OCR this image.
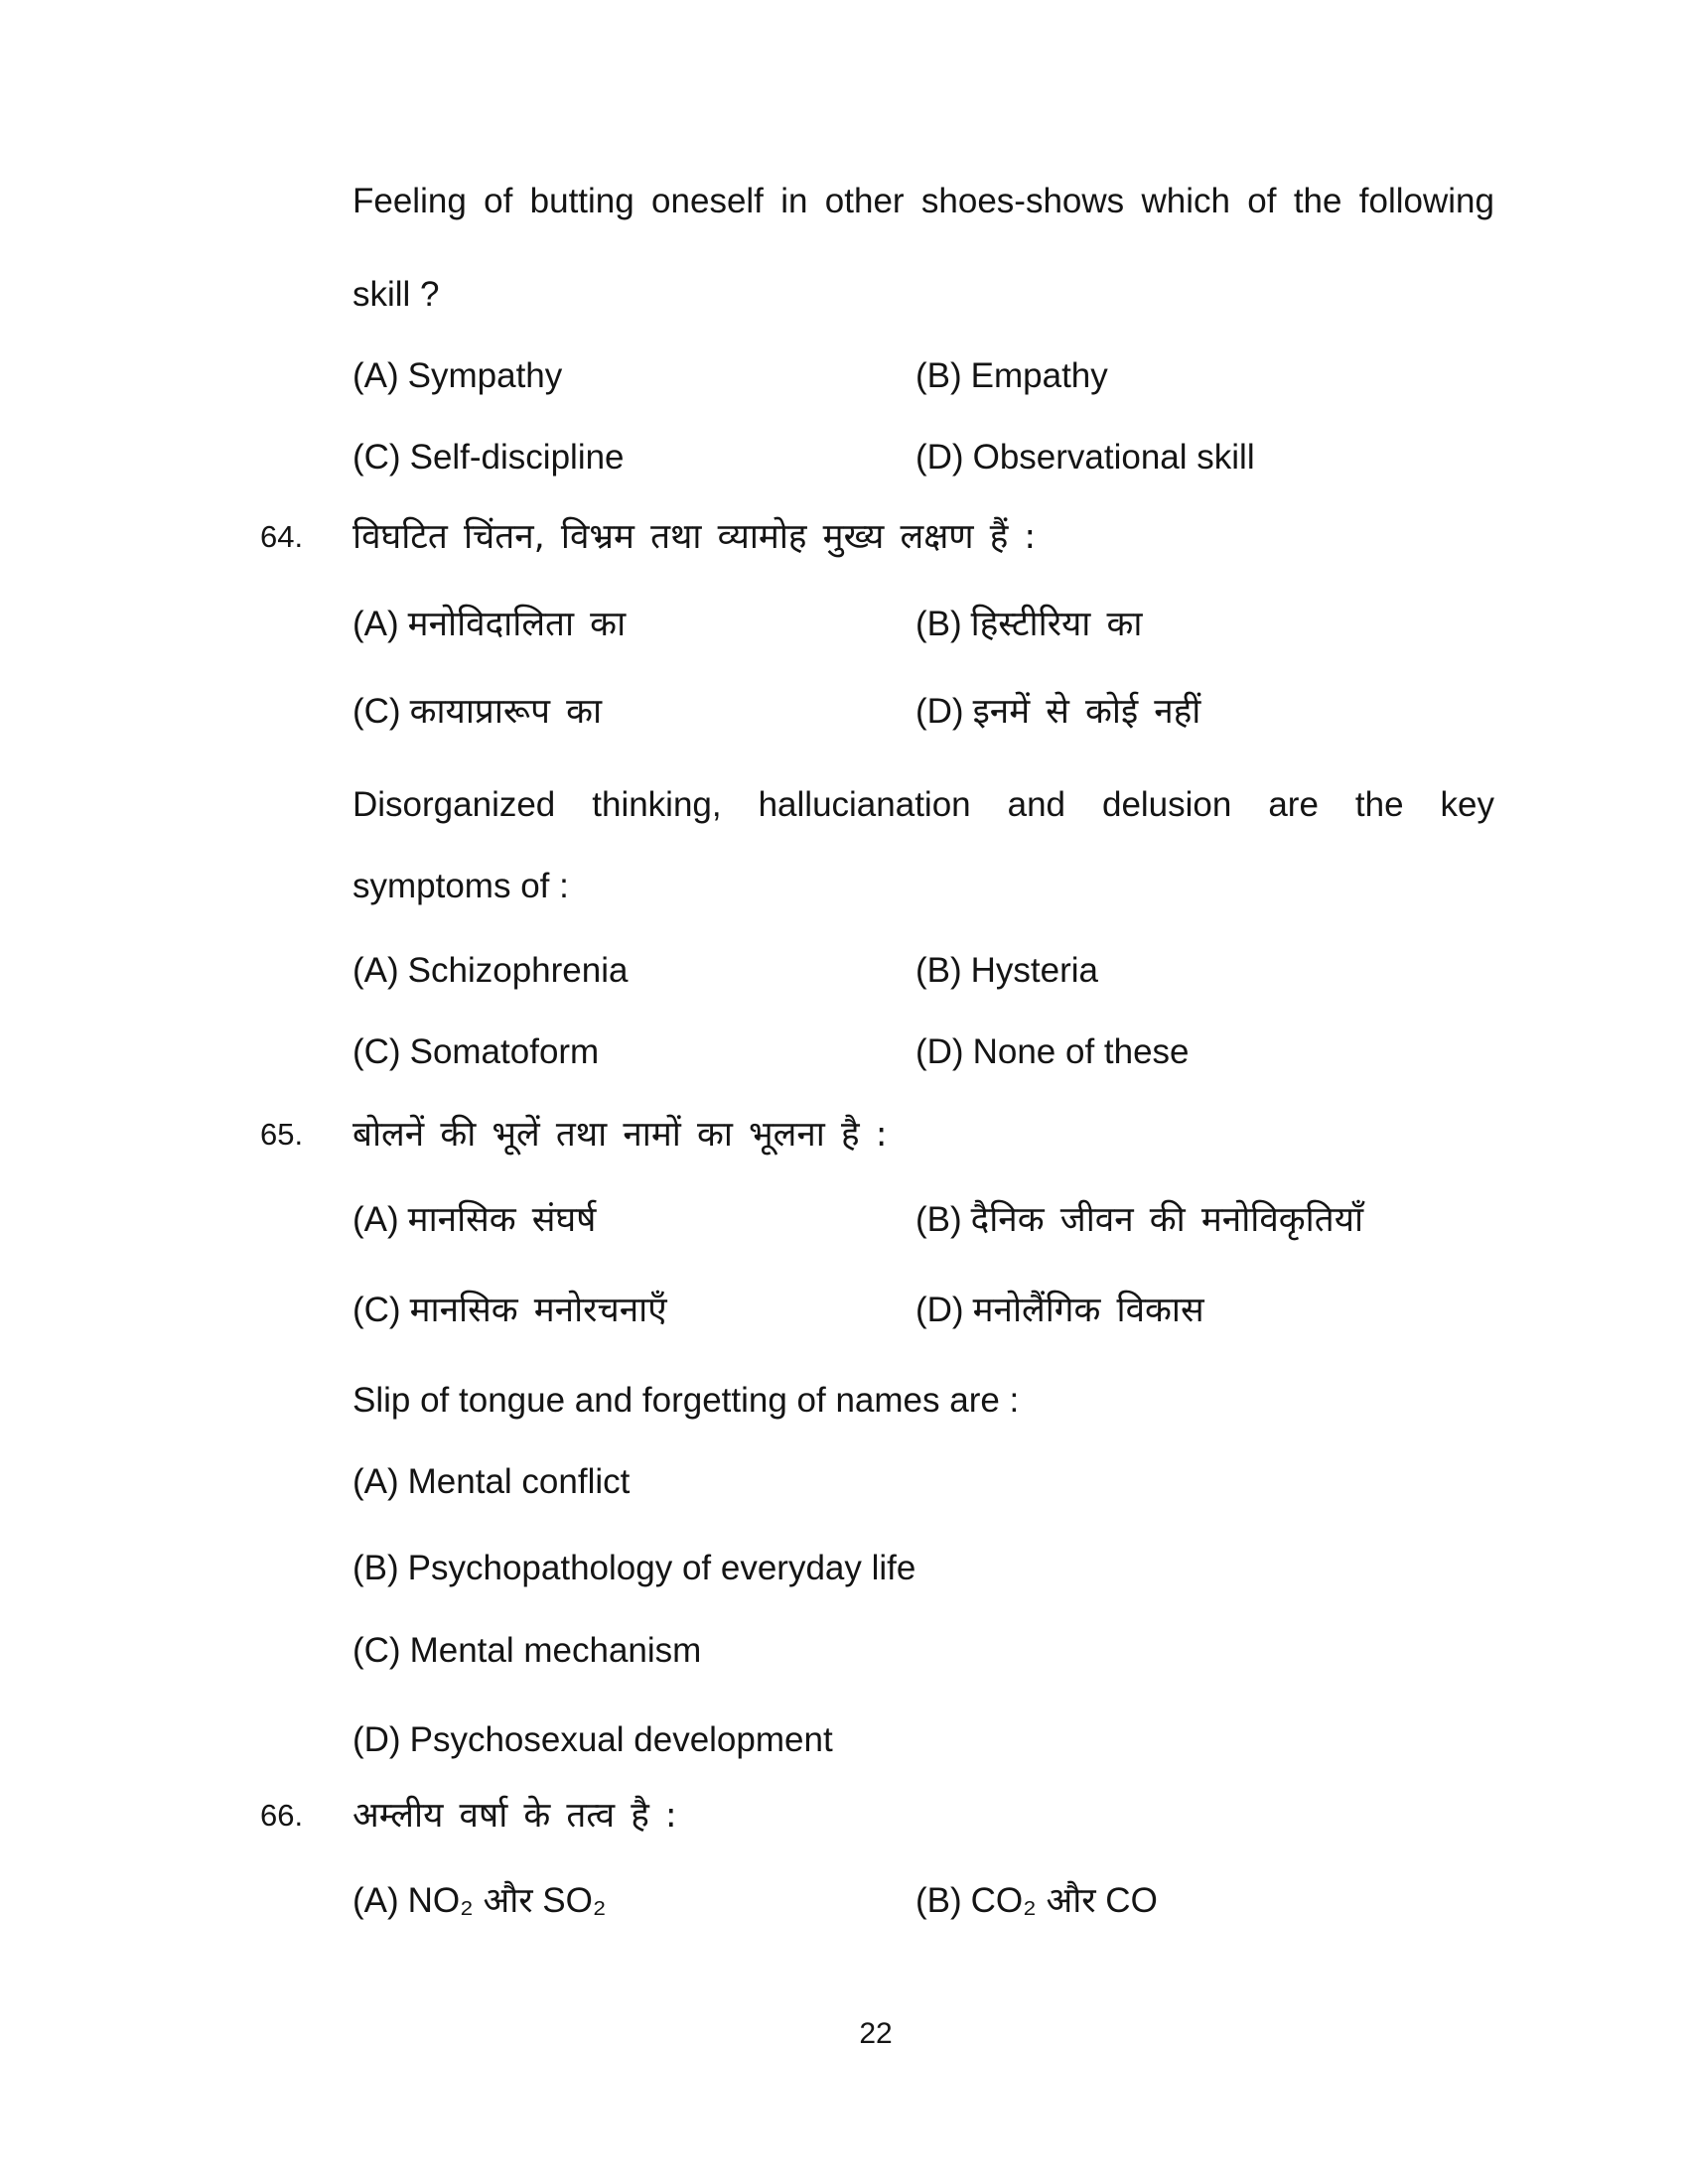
Feeling of butting oneself in other shoes-shows which of the following
skill ?
(A) Sympathy	(B) Empathy
(C) Self-discipline	(D) Observational skill
64. विघटित चिंतन, विभ्रम तथा व्यामोह मुख्य लक्षण हैं :
(A) मनोविदालिता का	(B) हिस्टीरिया का
(C) कायाप्रारूप का	(D) इनमें से कोई नहीं
Disorganized thinking, hallucianation and delusion are the key
symptoms of :
(A) Schizophrenia	(B) Hysteria
(C) Somatoform	(D) None of these
65. बोलनें की भूलें तथा नामों का भूलना है :
(A) मानसिक संघर्ष	(B) दैनिक जीवन की मनोविकृतियाँ
(C) मानसिक मनोरचनाएँ	(D) मनोलैंगिक विकास
Slip of tongue and forgetting of names are :
(A) Mental conflict
(B) Psychopathology of everyday life
(C) Mental mechanism
(D) Psychosexual development
66. अम्लीय वर्षा के तत्व है :
(A) NO₂ और SO₂	(B) CO₂ और CO
22
